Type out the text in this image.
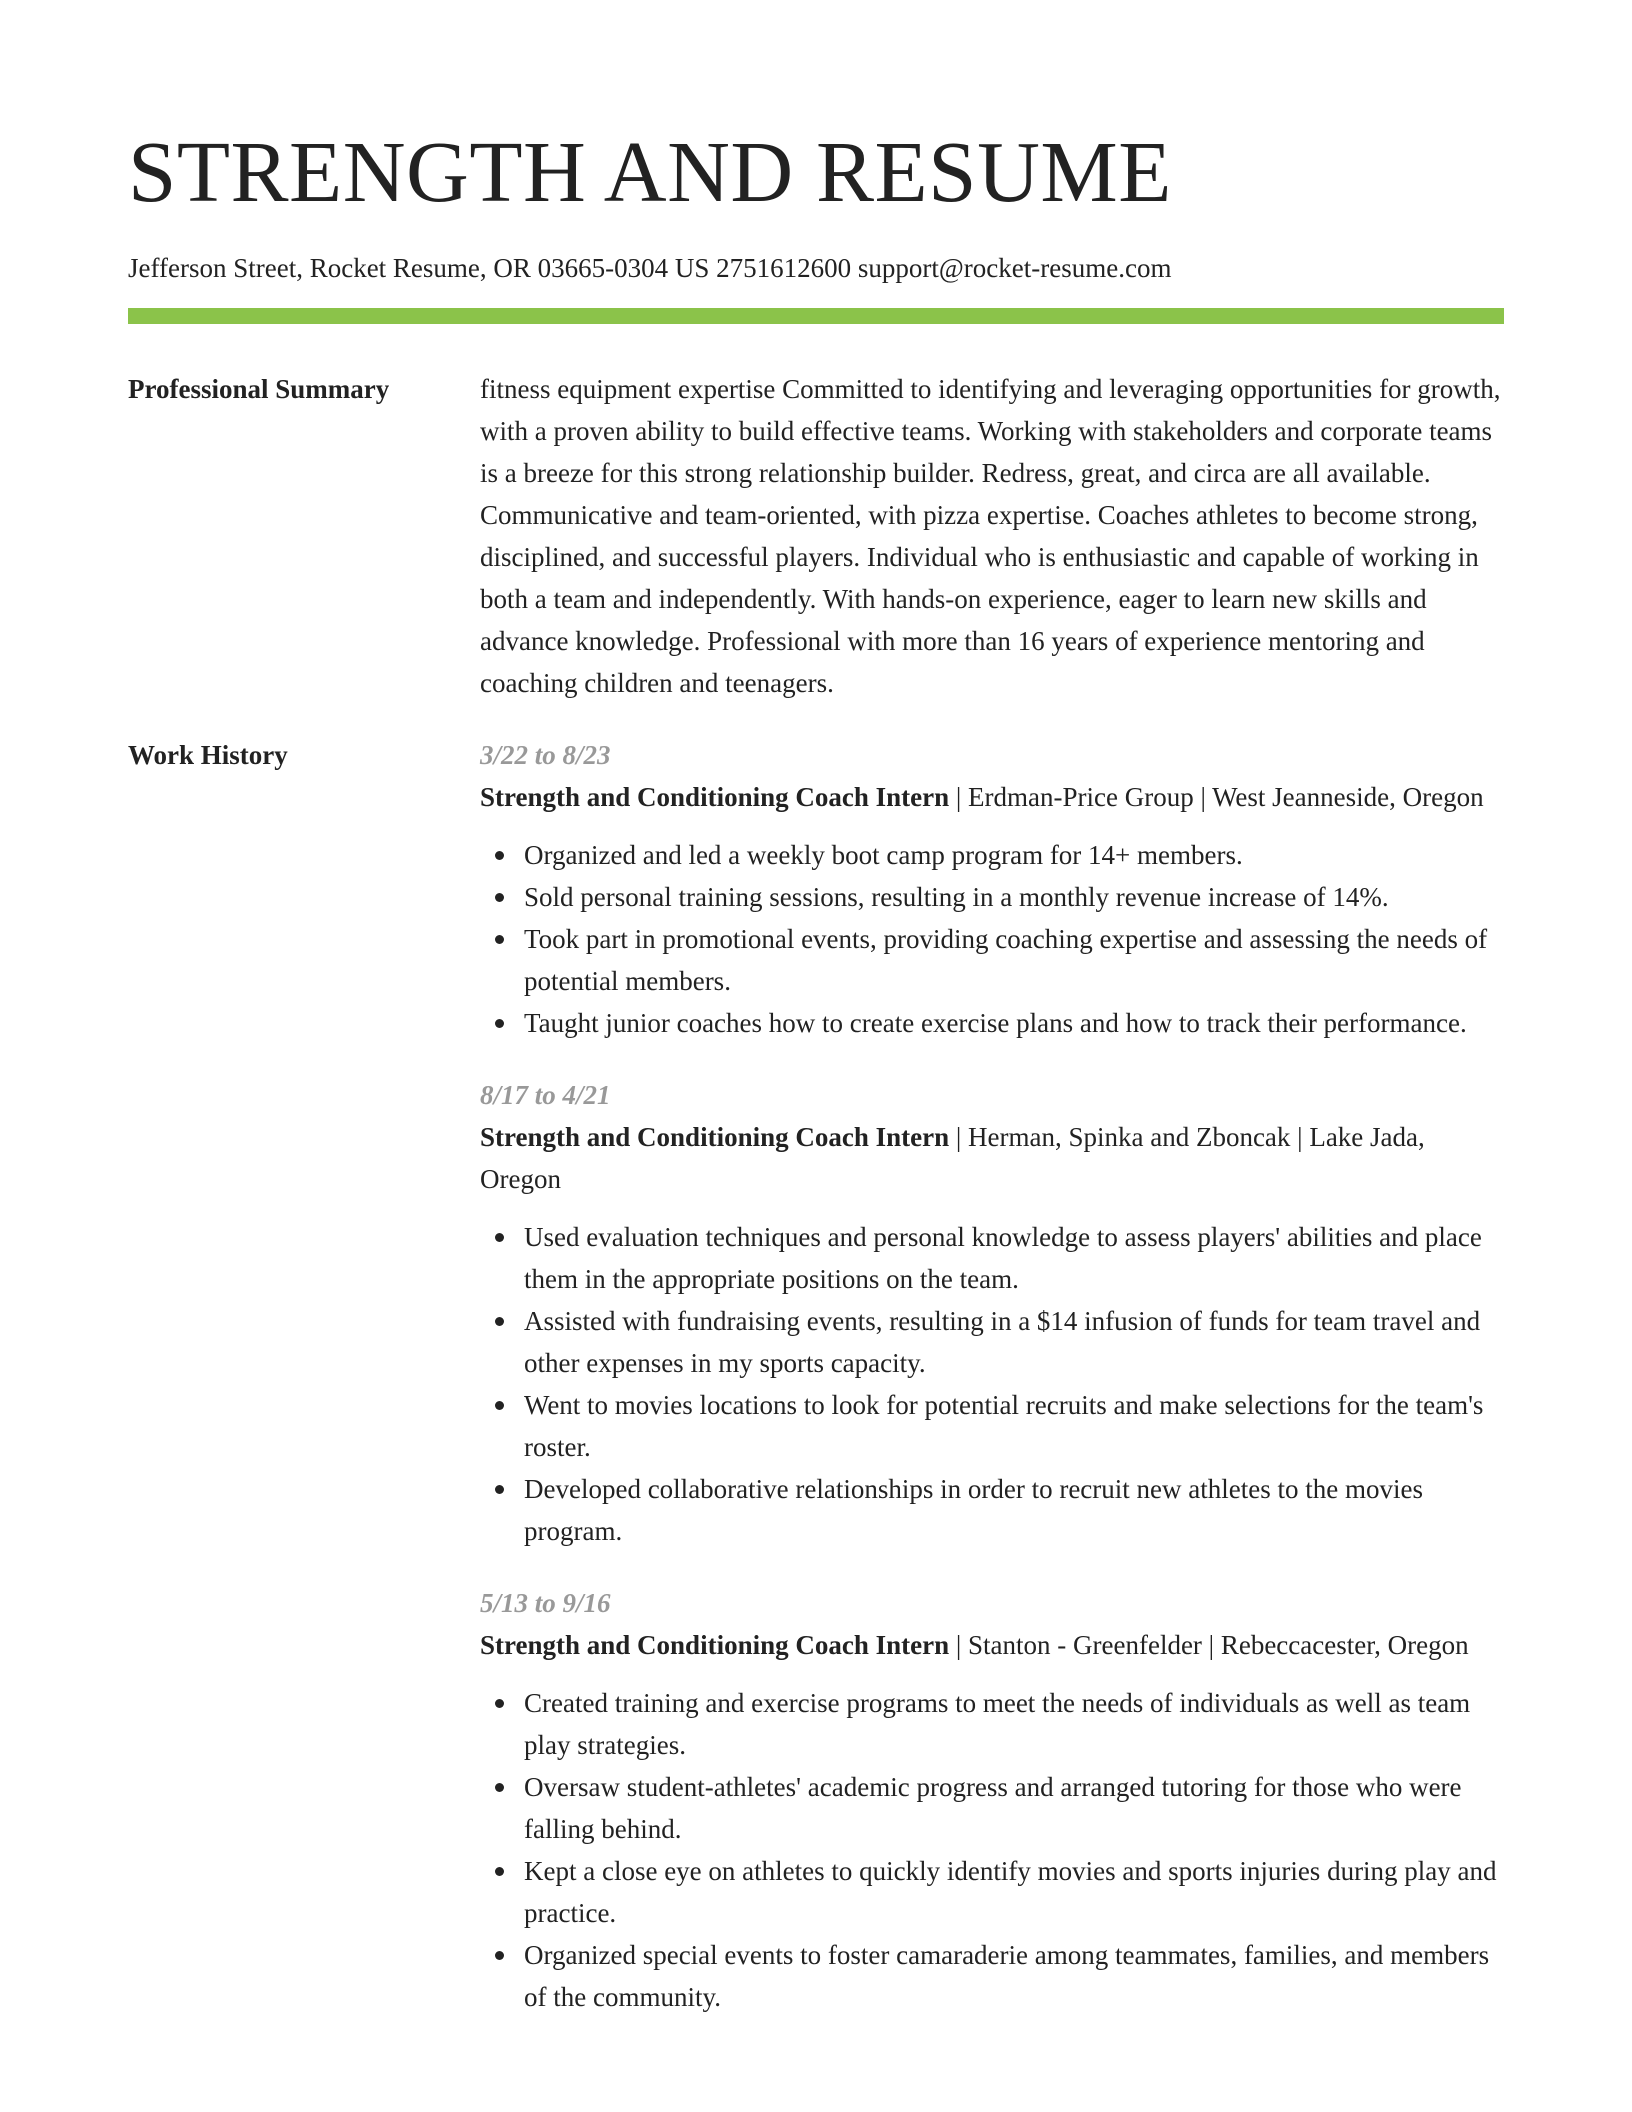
STRENGTH AND RESUME
Jefferson Street, Rocket Resume, OR 03665-0304 US 2751612600 support@rocket-resume.com
Professional Summary	fitness equipment expertise Committed to identifying and leveraging opportunities for growth, with a proven ability to build effective teams. Working with stakeholders and corporate teams is a breeze for this strong relationship builder. Redress, great, and circa are all available. Communicative and team-oriented, with pizza expertise. Coaches athletes to become strong, disciplined, and successful players. Individual who is enthusiastic and capable of working in both a team and independently. With hands-on experience, eager to learn new skills and advance knowledge. Professional with more than 16 years of experience mentoring and coaching children and teenagers.

Work History	3/22 to 8/23
Strength and Conditioning Coach Intern | Erdman-Price Group | West Jeanneside, Oregon
Organized and led a weekly boot camp program for 14+ members.
Sold personal training sessions, resulting in a monthly revenue increase of 14%.
Took part in promotional events, providing coaching expertise and assessing the needs of potential members.
Taught junior coaches how to create exercise plans and how to track their performance.
8/17 to 4/21
Strength and Conditioning Coach Intern | Herman, Spinka and Zboncak | Lake Jada, Oregon
Used evaluation techniques and personal knowledge to assess players' abilities and place them in the appropriate positions on the team.
Assisted with fundraising events, resulting in a $14 infusion of funds for team travel and other expenses in my sports capacity.
Went to movies locations to look for potential recruits and make selections for the team's roster.
Developed collaborative relationships in order to recruit new athletes to the movies program.
5/13 to 9/16
Strength and Conditioning Coach Intern | Stanton - Greenfelder | Rebeccacester, Oregon
Created training and exercise programs to meet the needs of individuals as well as team play strategies.
Oversaw student-athletes' academic progress and arranged tutoring for those who were falling behind.
Kept a close eye on athletes to quickly identify movies and sports injuries during play and practice.
Organized special events to foster camaraderie among teammates, families, and members of the community.
